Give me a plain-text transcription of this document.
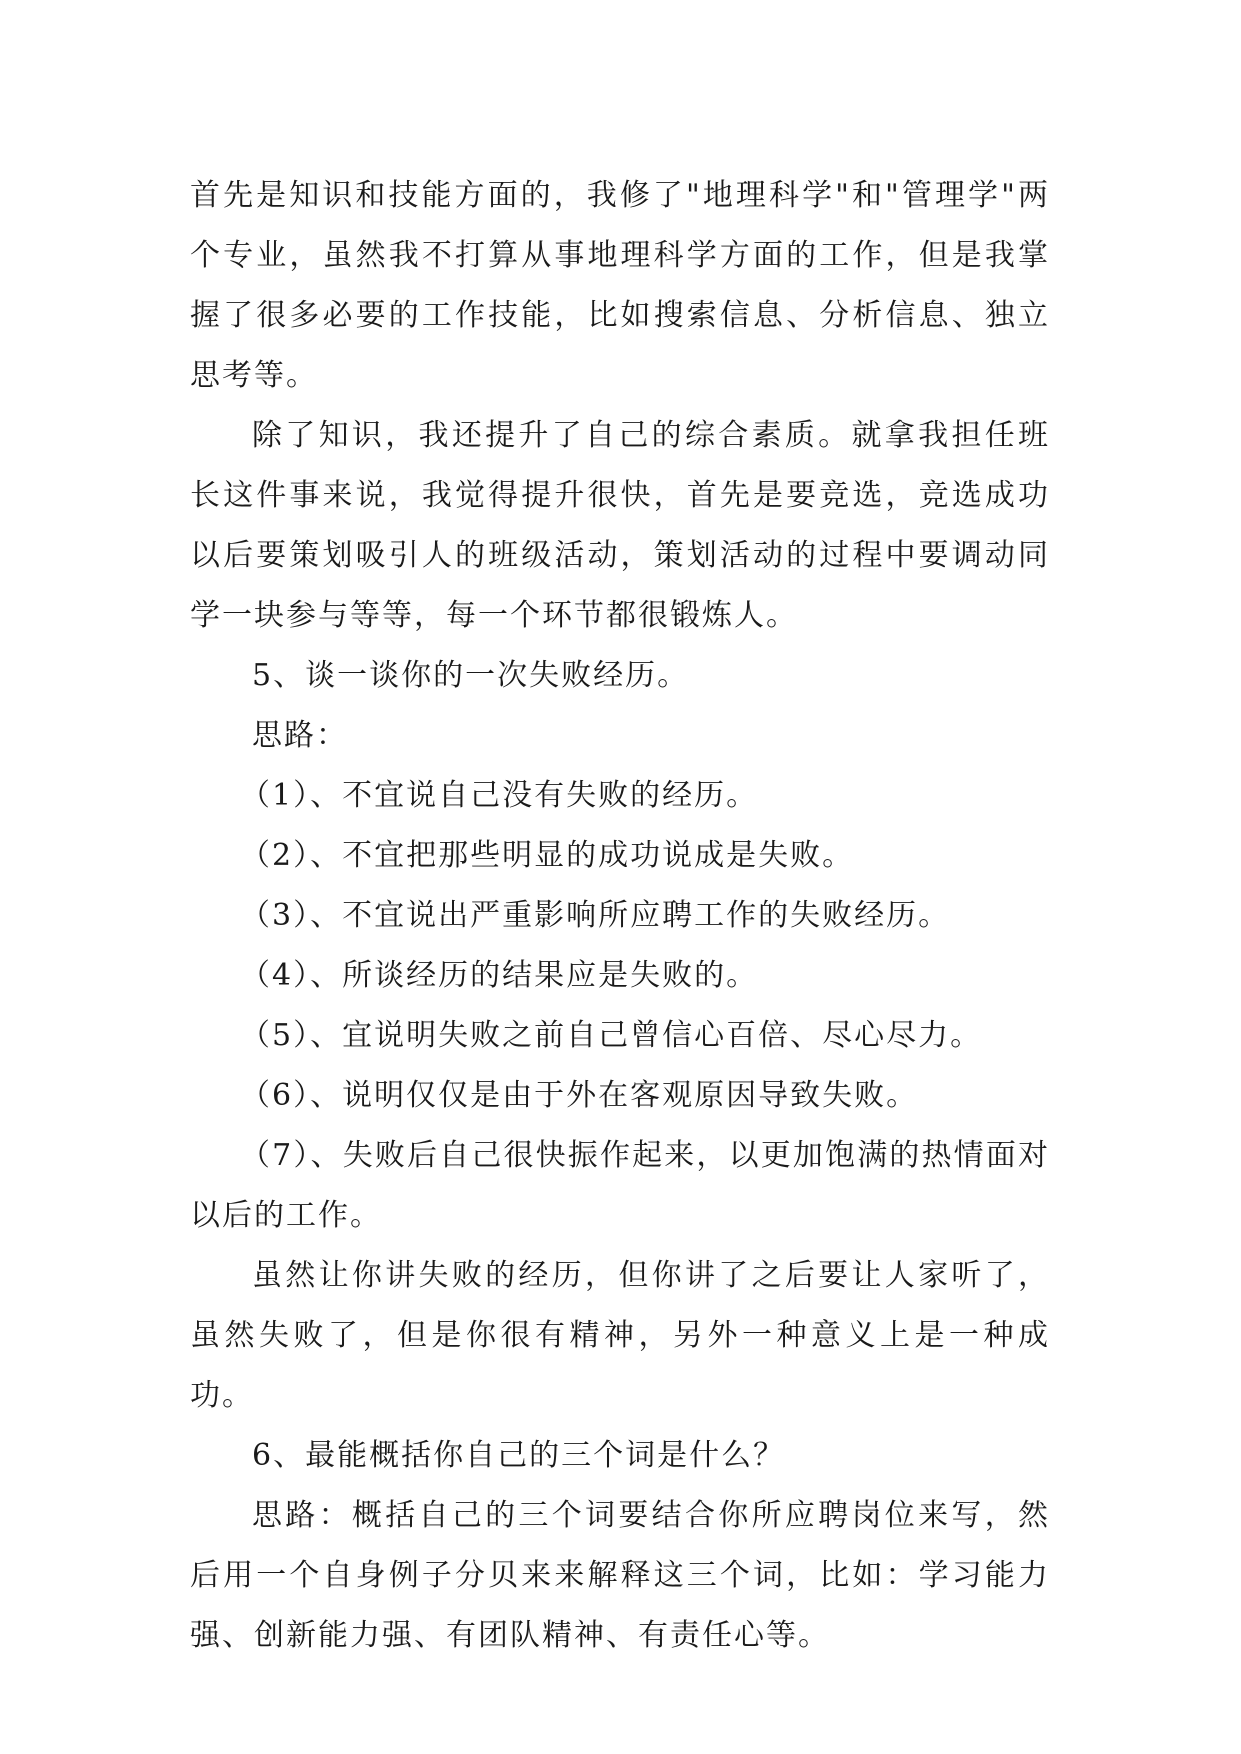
首先是知识和技能方面的，我修了"地理科学"和"管理学"两个专业，虽然我不打算从事地理科学方面的工作，但是我掌握了很多必要的工作技能，比如搜索信息、分析信息、独立思考等。

除了知识，我还提升了自己的综合素质。就拿我担任班长这件事来说，我觉得提升很快，首先是要竞选，竞选成功以后要策划吸引人的班级活动，策划活动的过程中要调动同学一块参与等等，每一个环节都很锻炼人。

5、谈一谈你的一次失败经历。

思路：

（1）、不宜说自己没有失败的经历。

（2）、不宜把那些明显的成功说成是失败。

（3）、不宜说出严重影响所应聘工作的失败经历。

（4）、所谈经历的结果应是失败的。

（5）、宜说明失败之前自己曾信心百倍、尽心尽力。

（6）、说明仅仅是由于外在客观原因导致失败。

（7）、失败后自己很快振作起来，以更加饱满的热情面对以后的工作。

虽然让你讲失败的经历，但你讲了之后要让人家听了，虽然失败了，但是你很有精神，另外一种意义上是一种成功。

6、最能概括你自己的三个词是什么？

思路：概括自己的三个词要结合你所应聘岗位来写，然后用一个自身例子分贝来来解释这三个词，比如：学习能力强、创新能力强、有团队精神、有责任心等。
